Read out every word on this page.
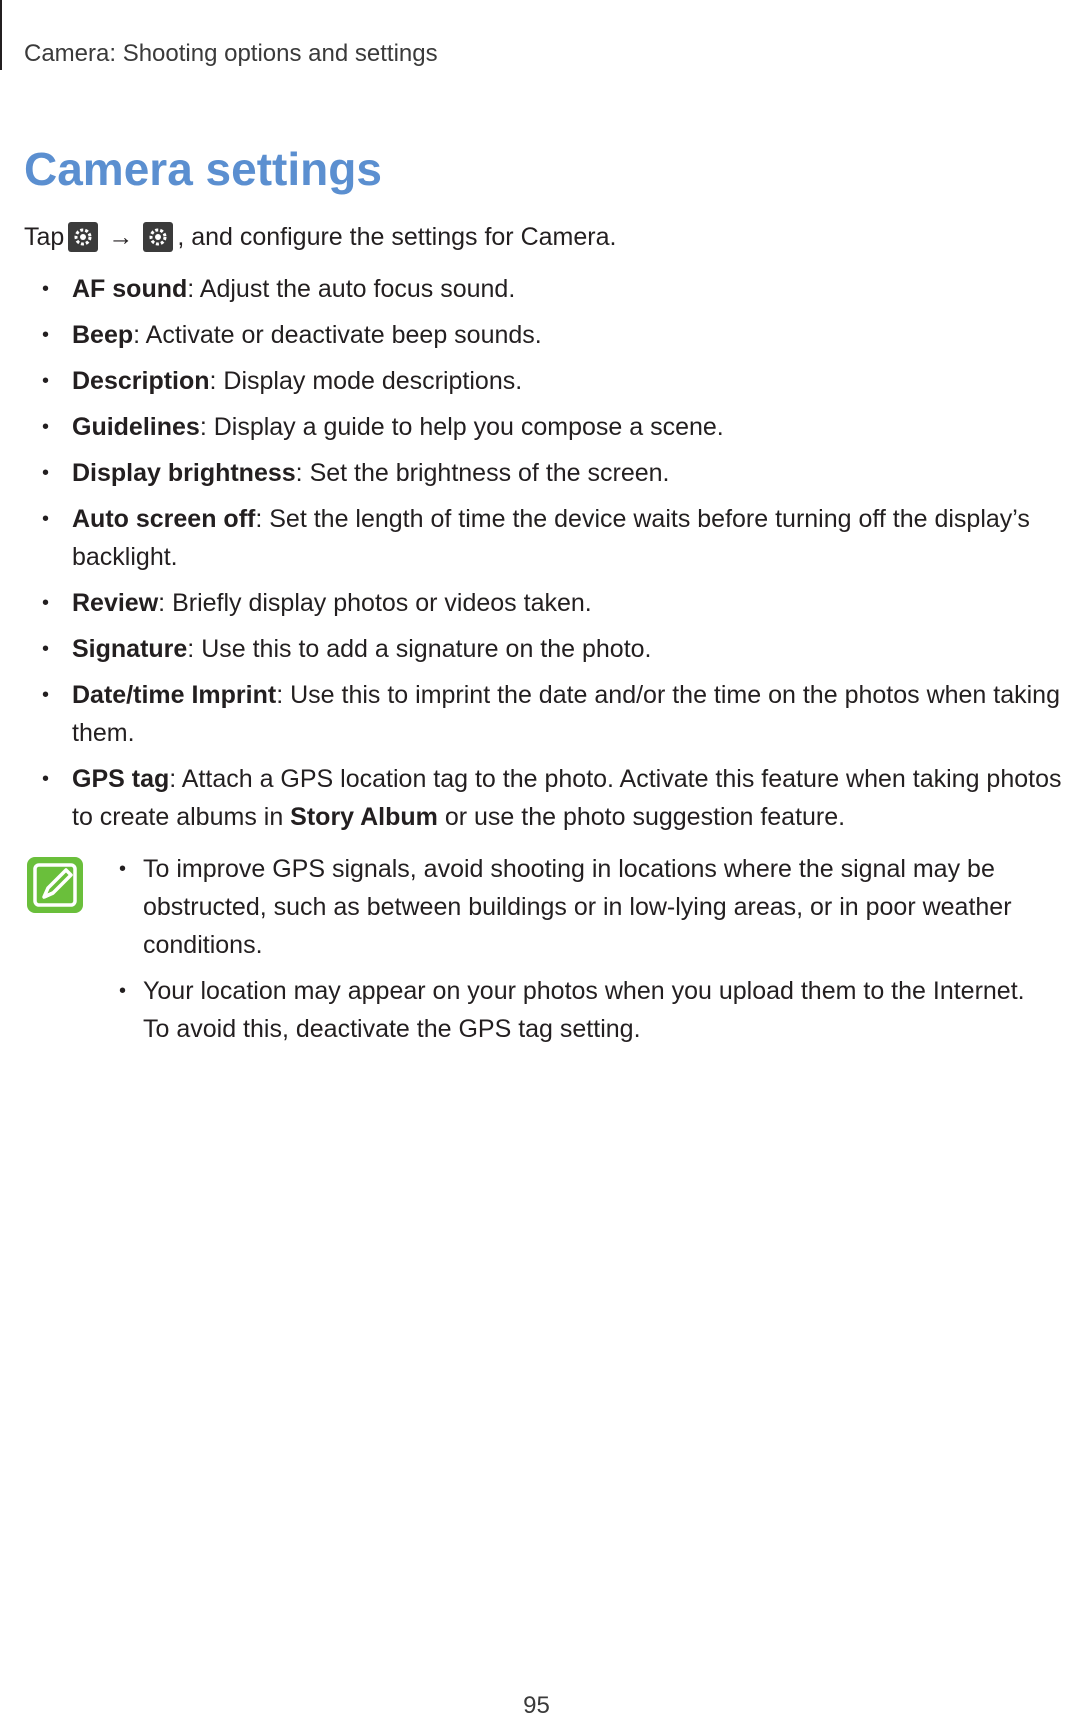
Camera: Shooting options and settings
Camera settings
Tap → , and configure the settings for Camera.
• AF sound: Adjust the auto focus sound.
• Beep: Activate or deactivate beep sounds.
• Description: Display mode descriptions.
• Guidelines: Display a guide to help you compose a scene.
• Display brightness: Set the brightness of the screen.
• Auto screen off: Set the length of time the device waits before turning off the display’s backlight.
• Review: Briefly display photos or videos taken.
• Signature: Use this to add a signature on the photo.
• Date/time Imprint: Use this to imprint the date and/or the time on the photos when taking them.
• GPS tag: Attach a GPS location tag to the photo. Activate this feature when taking photos to create albums in Story Album or use the photo suggestion feature.
• To improve GPS signals, avoid shooting in locations where the signal may be obstructed, such as between buildings or in low-lying areas, or in poor weather conditions.
• Your location may appear on your photos when you upload them to the Internet. To avoid this, deactivate the GPS tag setting.
95
